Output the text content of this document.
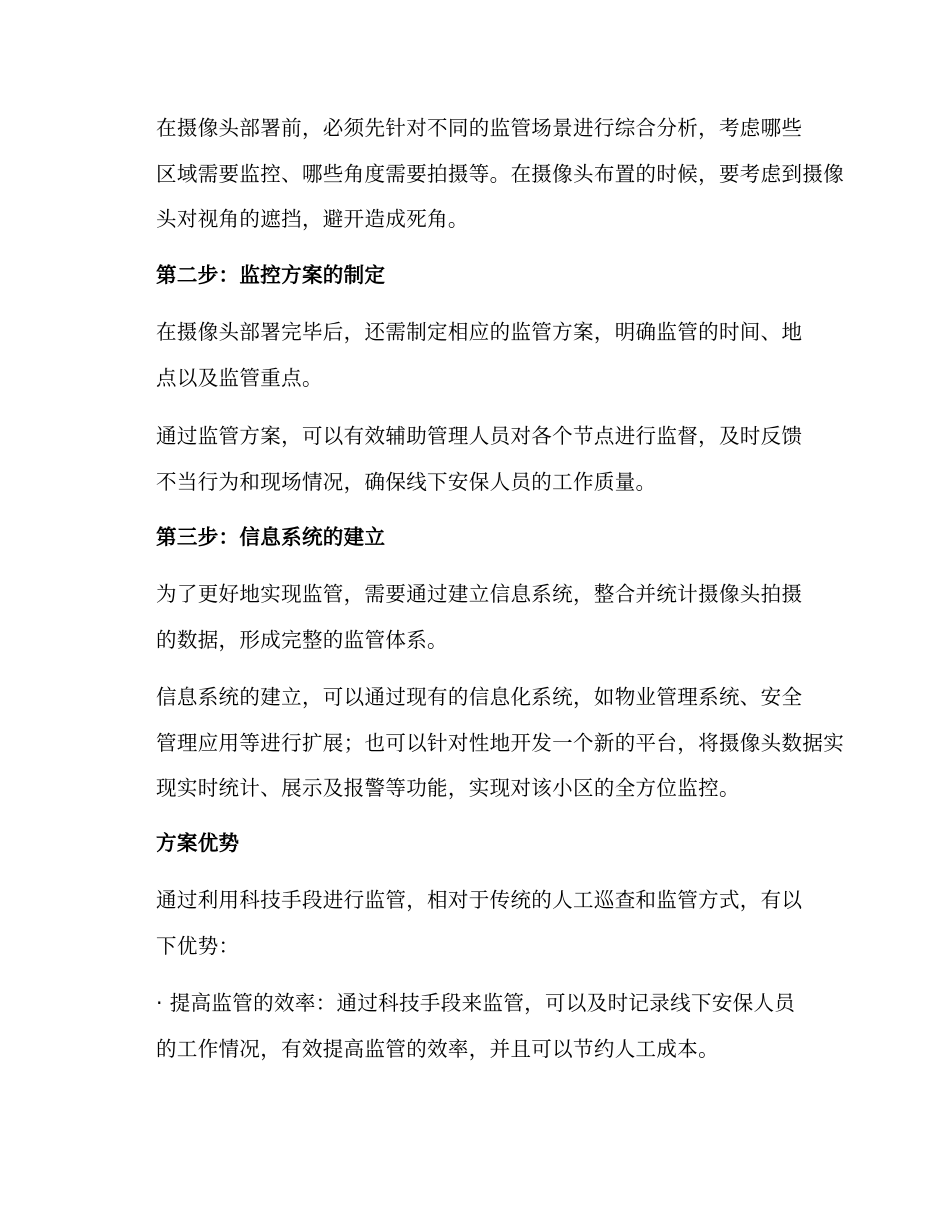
在摄像头部署前，必须先针对不同的监管场景进行综合分析，考虑哪些
区域需要监控、哪些角度需要拍摄等。在摄像头布置的时候，要考虑到摄像
头对视角的遮挡，避开造成死角。

第二步：监控方案的制定

在摄像头部署完毕后，还需制定相应的监管方案，明确监管的时间、地
点以及监管重点。

通过监管方案，可以有效辅助管理人员对各个节点进行监督，及时反馈
不当行为和现场情况，确保线下安保人员的工作质量。

第三步：信息系统的建立

为了更好地实现监管，需要通过建立信息系统，整合并统计摄像头拍摄
的数据，形成完整的监管体系。

信息系统的建立，可以通过现有的信息化系统，如物业管理系统、安全
管理应用等进行扩展；也可以针对性地开发一个新的平台，将摄像头数据实
现实时统计、展示及报警等功能，实现对该小区的全方位监控。

方案优势

通过利用科技手段进行监管，相对于传统的人工巡查和监管方式，有以
下优势：

· 提高监管的效率：通过科技手段来监管，可以及时记录线下安保人员
的工作情况，有效提高监管的效率，并且可以节约人工成本。
